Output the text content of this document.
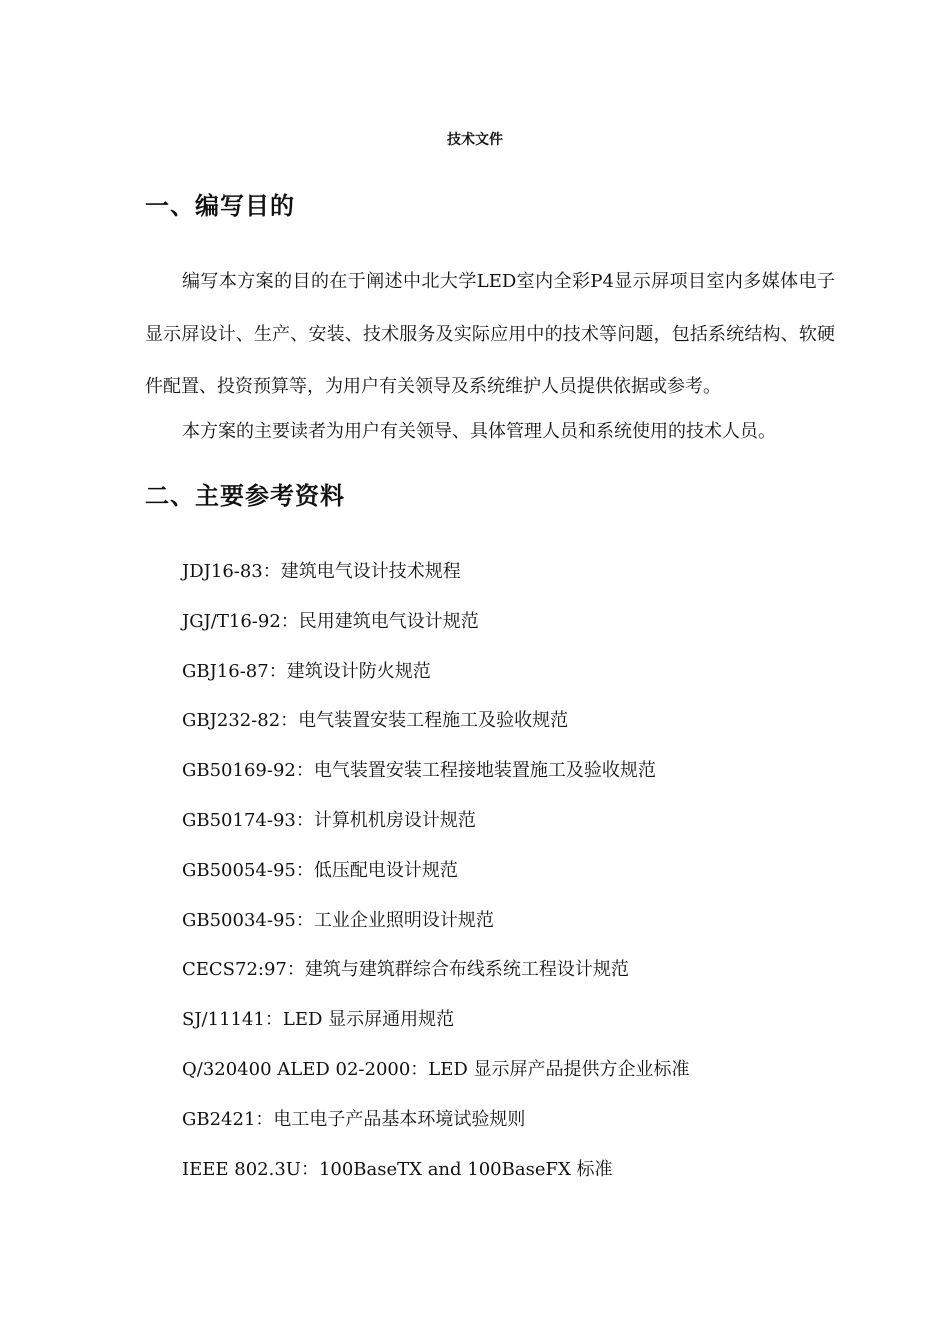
技术文件
一、编写目的

编写本方案的目的在于阐述中北大学LED室内全彩P4显示屏项目室内多媒体电子显示屏设计、生产、安装、技术服务及实际应用中的技术等问题，包括系统结构、软硬件配置、投资预算等，为用户有关领导及系统维护人员提供依据或参考。

本方案的主要读者为用户有关领导、具体管理人员和系统使用的技术人员。

二、主要参考资料
JDJ16-83：建筑电气设计技术规程
JGJ/T16-92：民用建筑电气设计规范
GBJ16-87：建筑设计防火规范
GBJ232-82：电气装置安装工程施工及验收规范
GB50169-92：电气装置安装工程接地装置施工及验收规范
GB50174-93：计算机机房设计规范
GB50054-95：低压配电设计规范
GB50034-95：工业企业照明设计规范
CECS72:97：建筑与建筑群综合布线系统工程设计规范
SJ/11141：LED 显示屏通用规范
Q/320400 ALED 02-2000：LED 显示屏产品提供方企业标准
GB2421：电工电子产品基本环境试验规则
IEEE 802.3U：100BaseTX and 100BaseFX 标准
